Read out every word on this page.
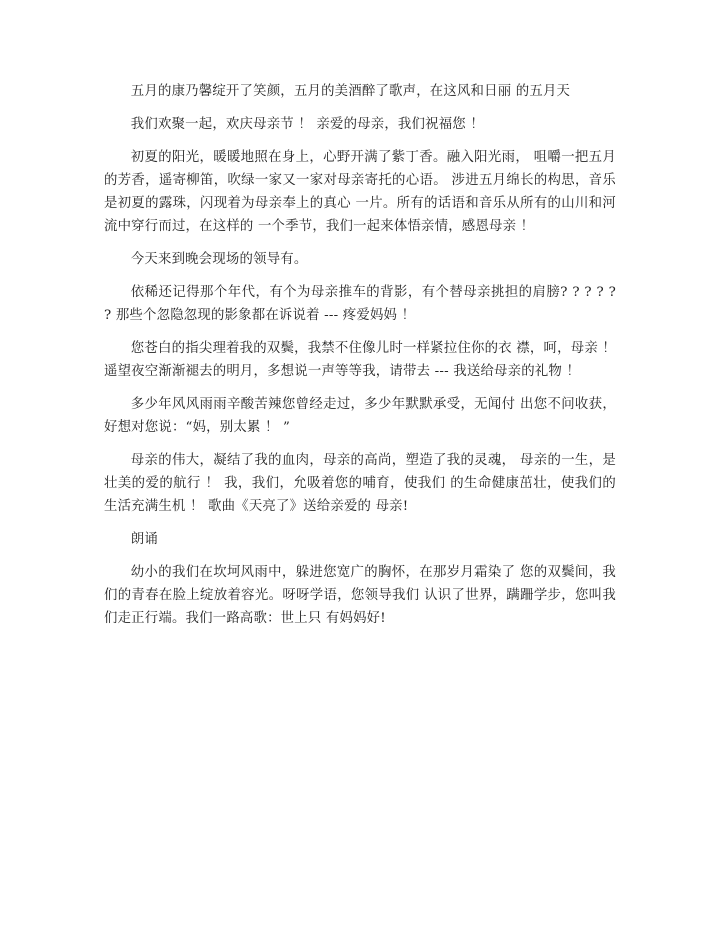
五月的康乃馨绽开了笑颜，五月的美酒醉了歌声，在这风和日丽 的五月天

我们欢聚一起，欢庆母亲节 ！ 亲爱的母亲，我们祝福您 ！

初夏的阳光，暖暖地照在身上，心野开满了紫丁香。融入阳光雨， 咀嚼一把五月的芳香，遥寄柳笛，吹绿一家又一家对母亲寄托的心语。 涉进五月绵长的构思，音乐是初夏的露珠，闪现着为母亲奉上的真心 一片。所有的话语和音乐从所有的山川和河流中穿行而过，在这样的 一个季节，我们一起来体悟亲情，感恩母亲 ！

今天来到晚会现场的领导有。

依稀还记得那个年代，有个为母亲推车的背影，有个替母亲挑担的肩膀? ? ? ? ? ? 那些个忽隐忽现的影象都在诉说着 --- 疼爱妈妈 ！

您苍白的指尖理着我的双鬓，我禁不住像儿时一样紧拉住你的衣 襟，呵，母亲 ！ 遥望夜空渐渐褪去的明月，多想说一声等等我，请带去 --- 我送给母亲的礼物 ！

多少年风风雨雨辛酸苦辣您曾经走过，多少年默默承受，无闻付 出您不问收获，好想对您说：“妈，别太累 ！ ”

母亲的伟大，凝结了我的血肉，母亲的高尚，塑造了我的灵魂， 母亲的一生，是壮美的爱的航行 ！ 我，我们，允吸着您的哺育，使我们 的生命健康茁壮，使我们的生活充满生机 ！ 歌曲《天亮了》送给亲爱的 母亲!

朗诵

幼小的我们在坎坷风雨中，躲进您宽广的胸怀，在那岁月霜染了 您的双鬓间，我们的青春在脸上绽放着容光。呀呀学语，您领导我们 认识了世界，蹒跚学步，您叫我们走正行端。我们一路高歌：世上只 有妈妈好!
